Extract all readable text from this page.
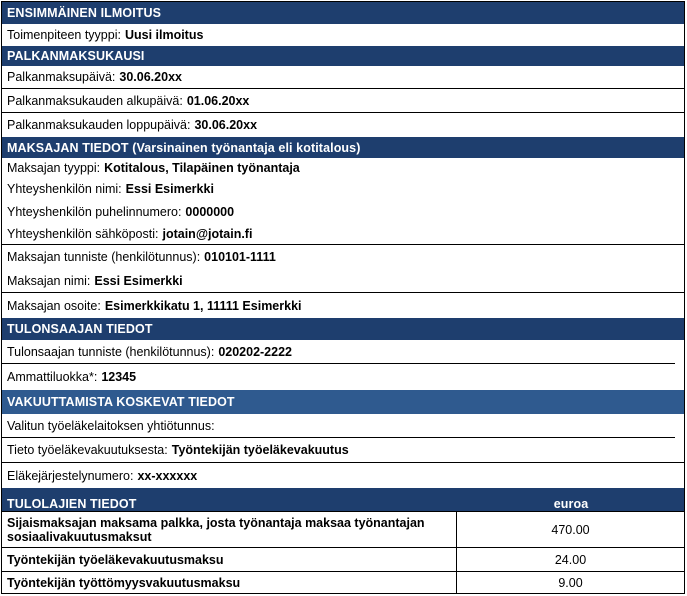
ENSIMMÄINEN ILMOITUS
Toimenpiteen tyyppi: Uusi ilmoitus
PALKANMAKSUKAUSI
Palkanmaksupäivä: 30.06.20xx
Palkanmaksukauden alkupäivä: 01.06.20xx
Palkanmaksukauden loppupäivä: 30.06.20xx
MAKSAJAN TIEDOT (Varsinainen työnantaja eli kotitalous)
Maksajan tyyppi: Kotitalous, Tilapäinen työnantaja
Yhteyshenkilön nimi: Essi Esimerkki
Yhteyshenkilön puhelinnumero: 0000000
Yhteyshenkilön sähköposti: jotain@jotain.fi
Maksajan tunniste (henkilötunnus): 010101-1111
Maksajan nimi: Essi Esimerkki
Maksajan osoite: Esimerkkikatu 1, 11111 Esimerkki
TULONSAAJAN TIEDOT
Tulonsaajan tunniste (henkilötunnus): 020202-2222
Ammattiluokka*: 12345
VAKUUTTAMISTA KOSKEVAT TIEDOT
Valitun työeläkelaitoksen yhtiötunnus:
Tieto työeläkevakuutuksesta: Työntekijän työeläkevakuutus
Eläkejärjestelynumero: xx-xxxxxx
TULOLAJIEN TIEDOT	euroa
Sijaismaksajan maksama palkka, josta työnantaja maksaa työnantajan sosiaalivakuutusmaksut	470.00
Työntekijän työeläkevakuutusmaksu	24.00
Työntekijän työttömyysvakuutusmaksu	9.00
